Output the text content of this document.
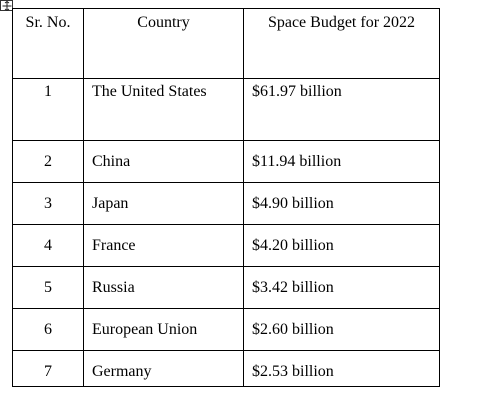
Sr. No.	Country	Space Budget for 2022
1	The United States	$61.97 billion
2	China	$11.94 billion
3	Japan	$4.90 billion
4	France	$4.20 billion
5	Russia	$3.42 billion
6	European Union	$2.60 billion
7	Germany	$2.53 billion
